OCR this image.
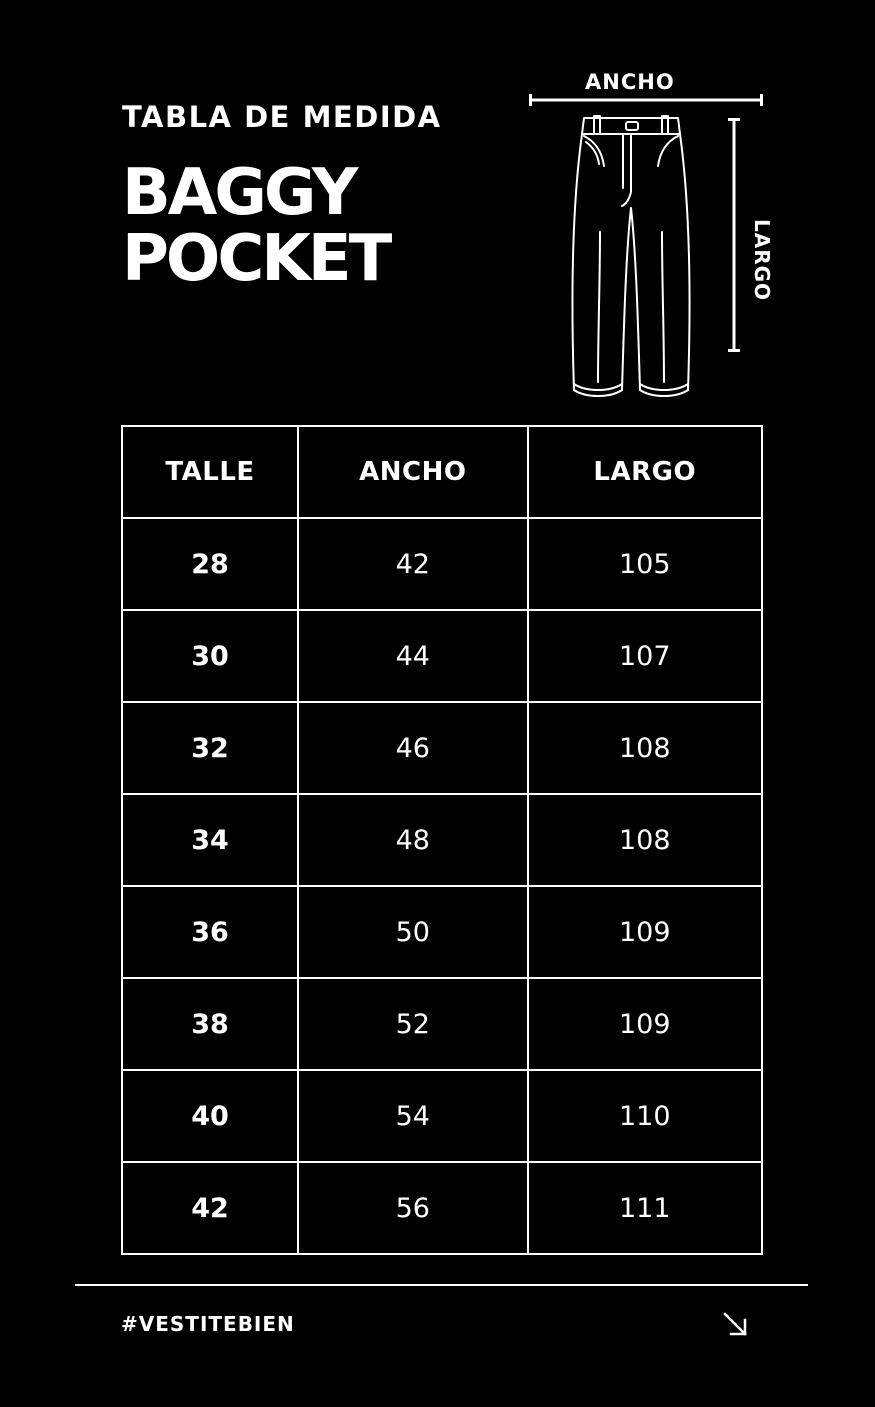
TABLA DE MEDIDA
BAGGY
POCKET
ANCHO
LARGO
TALLE	ANCHO	LARGO
28	42	105
30	44	107
32	46	108
34	48	108
36	50	109
38	52	109
40	54	110
42	56	111
#VESTITEBIEN
